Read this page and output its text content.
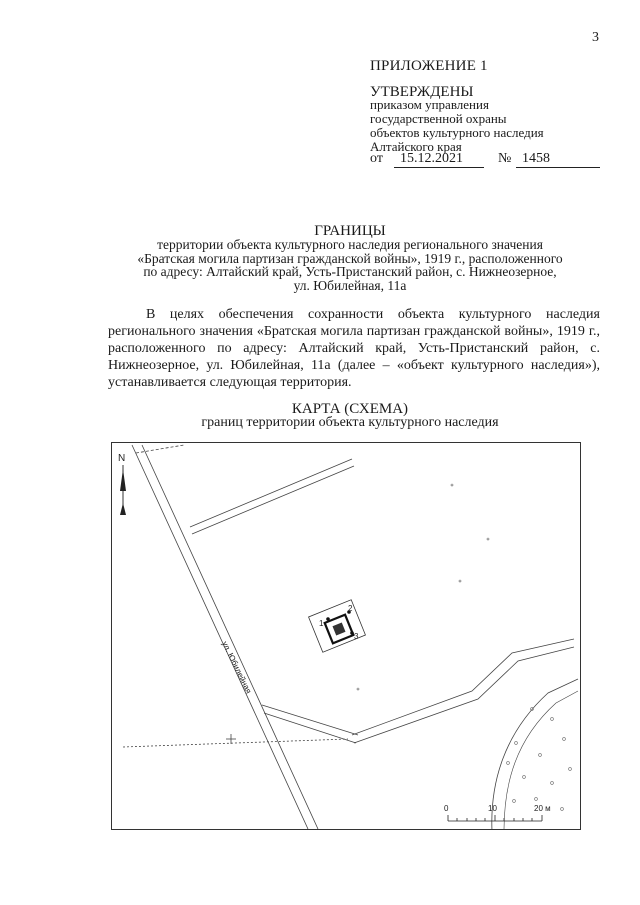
3
ПРИЛОЖЕНИЕ 1
УТВЕРЖДЕНЫ
приказом управления
государственной охраны
объектов культурного наследия
Алтайского края
от	15.12.2021	№ 1458
ГРАНИЦЫ
территории объекта культурного наследия регионального значения
«Братская могила партизан гражданской войны», 1919 г., расположенного
по адресу: Алтайский край, Усть-Пристанский район, с. Нижнеозерное,
ул. Юбилейная, 11а

В целях обеспечения сохранности объекта культурного наследия регионального значения «Братская могила партизан гражданской войны», 1919 г., расположенного по адресу: Алтайский край, Усть-Пристанский район, с. Нижнеозерное, ул. Юбилейная, 11а (далее – «объект культурного наследия»), устанавливается следующая территория.

КАРТА (СХЕМА)
границ территории объекта культурного наследия
N
ул. Юбилейная
1
2
3
0	10	20 м
